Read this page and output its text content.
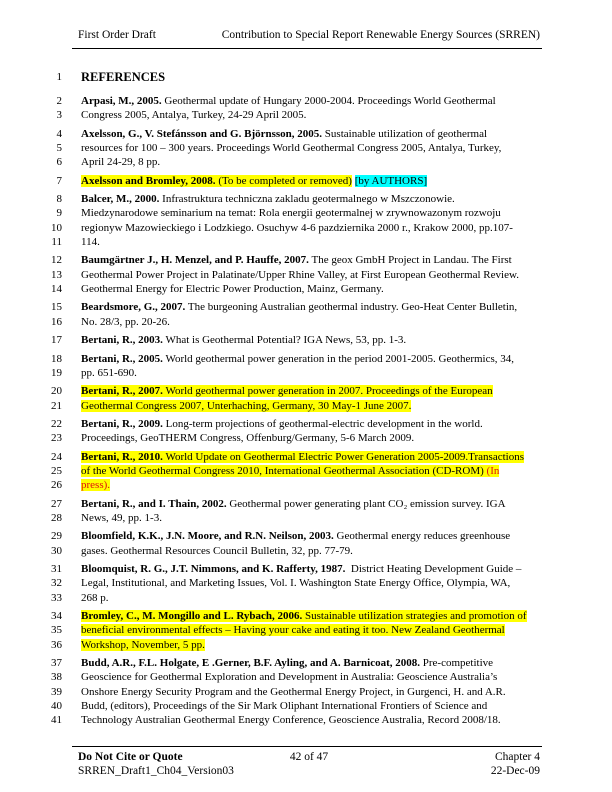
First Order Draft	Contribution to Special Report Renewable Energy Sources (SRREN)
1	REFERENCES
2	Arpasi, M., 2005. Geothermal update of Hungary 2000-2004. Proceedings World Geothermal
3	Congress 2005, Antalya, Turkey, 24-29 April 2005.
4	Axelsson, G., V. Stefánsson and G. Björnsson, 2005. Sustainable utilization of geothermal
5	resources for 100 – 300 years. Proceedings World Geothermal Congress 2005, Antalya, Turkey,
6	April 24-29, 8 pp.
7	Axelsson and Bromley, 2008. (To be completed or removed) [by AUTHORS]
8	Balcer, M., 2000. Infrastruktura techniczna zakladu geotermalnego w Mszczonowie.
9	Miedzynarodowe seminarium na temat: Rola energii geotermalnej w zrywnowazonym rozwoju
10	regionyw Mazowieckiego i Lodzkiego. Osuchyw 4-6 pazdziernika 2000 r., Krakow 2000, pp.107-
11	114.
12	Baumgärtner J., H. Menzel, and P. Hauffe, 2007. The geox GmbH Project in Landau. The First
13	Geothermal Power Project in Palatinate/Upper Rhine Valley, at First European Geothermal Review.
14	Geothermal Energy for Electric Power Production, Mainz, Germany.
15	Beardsmore, G., 2007. The burgeoning Australian geothermal industry. Geo-Heat Center Bulletin,
16	No. 28/3, pp. 20-26.
17	Bertani, R., 2003. What is Geothermal Potential? IGA News, 53, pp. 1-3.
18	Bertani, R., 2005. World geothermal power generation in the period 2001-2005. Geothermics, 34,
19	pp. 651-690.
20	Bertani, R., 2007. World geothermal power generation in 2007. Proceedings of the European
21	Geothermal Congress 2007, Unterhaching, Germany, 30 May-1 June 2007.
22	Bertani, R., 2009. Long-term projections of geothermal-electric development in the world.
23	Proceedings, GeoTHERM Congress, Offenburg/Germany, 5-6 March 2009.
24	Bertani, R., 2010. World Update on Geothermal Electric Power Generation 2005-2009.Transactions
25	of the World Geothermal Congress 2010, International Geothermal Association (CD-ROM) (In
26	press).
27	Bertani, R., and I. Thain, 2002. Geothermal power generating plant CO₂ emission survey. IGA
28	News, 49, pp. 1-3.
29	Bloomfield, K.K., J.N. Moore, and R.N. Neilson, 2003. Geothermal energy reduces greenhouse
30	gases. Geothermal Resources Council Bulletin, 32, pp. 77-79.
31	Bloomquist, R. G., J.T. Nimmons, and K. Rafferty, 1987.  District Heating Development Guide –
32	Legal, Institutional, and Marketing Issues, Vol. I. Washington State Energy Office, Olympia, WA,
33	268 p.
34	Bromley, C., M. Mongillo and L. Rybach, 2006. Sustainable utilization strategies and promotion of
35	beneficial environmental effects – Having your cake and eating it too. New Zealand Geothermal
36	Workshop, November, 5 pp.
37	Budd, A.R., F.L. Holgate, E .Gerner, B.F. Ayling, and A. Barnicoat, 2008. Pre-competitive
38	Geoscience for Geothermal Exploration and Development in Australia: Geoscience Australia’s
39	Onshore Energy Security Program and the Geothermal Energy Project, in Gurgenci, H. and A.R.
40	Budd, (editors), Proceedings of the Sir Mark Oliphant International Frontiers of Science and
41	Technology Australian Geothermal Energy Conference, Geoscience Australia, Record 2008/18.
Do Not Cite or Quote	42 of 47	Chapter 4
SRREN_Draft1_Ch04_Version03	22-Dec-09
